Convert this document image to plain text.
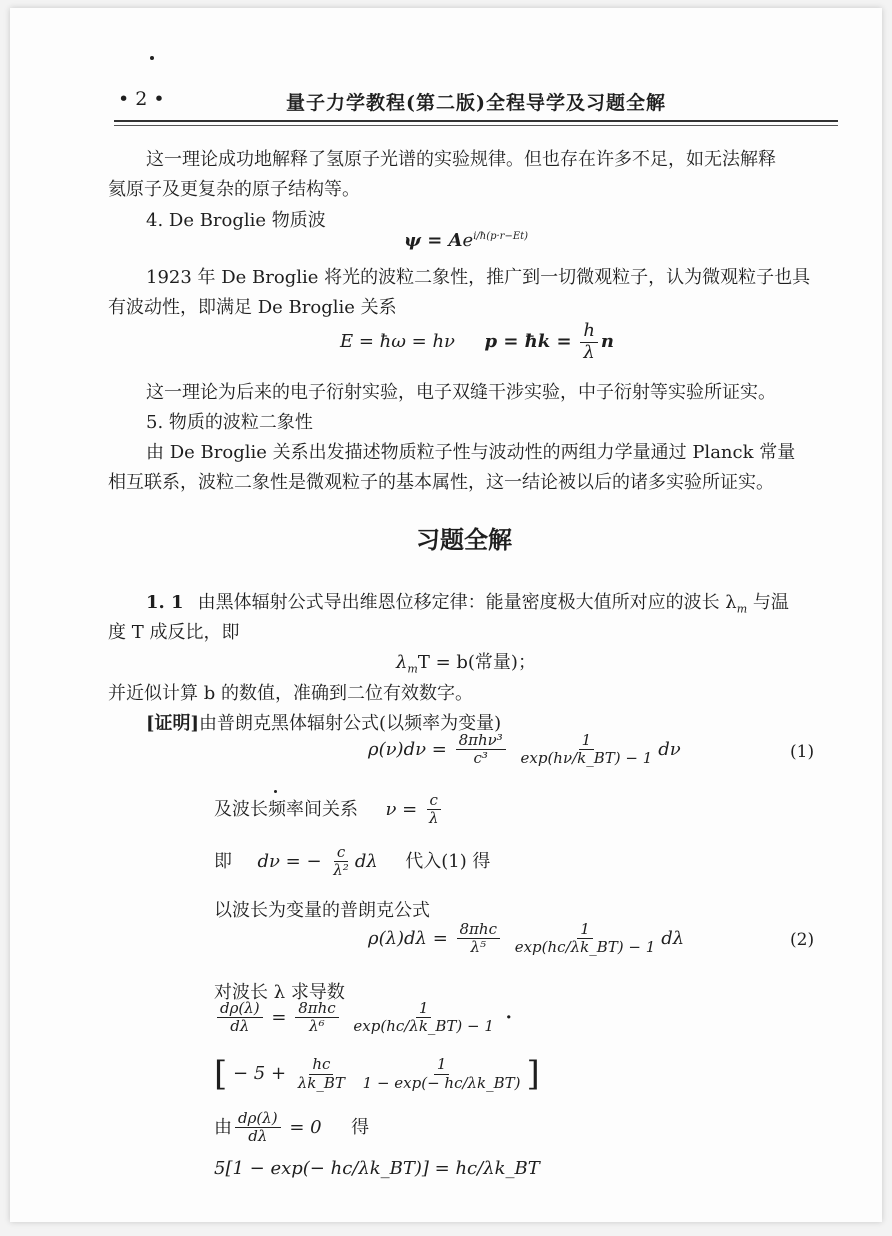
• 2 •	量子力学教程(第二版)全程导学及习题全解
这一理论成功地解释了氢原子光谱的实验规律。但也存在许多不足，如无法解释
氦原子及更复杂的原子结构等。
4. De Broglie 物质波
$\psi = Ae^{i/ħ(p\cdot r-Et)}$
1923 年 De Broglie 将光的波粒二象性，推广到一切微观粒子，认为微观粒子也具
有波动性，即满足 De Broglie 关系
E = ħω = hν p = ħk = $\frac{h}{\lambda}$ n
这一理论为后来的电子衍射实验，电子双缝干涉实验，中子衍射等实验所证实。
5. 物质的波粒二象性
由 De Broglie 关系出发描述物质粒子性与波动性的两组力学量通过 Planck 常量
相互联系，波粒二象性是微观粒子的基本属性，这一结论被以后的诸多实验所证实。
习题全解
1. 1 由黑体辐射公式导出维恩位移定律：能量密度极大值所对应的波长 $\lambda_m$ 与温
度 T 成反比，即
$\lambda_mT = b$(常量)；
并近似计算 b 的数值，准确到二位有效数字。
[证明]由普朗克黑体辐射公式(以频率为变量)
$\rho(\nu)d\nu = \frac{\text{8πhν³}}{\text{c³}}$
$\frac{1}{\exp(h\nu/k\_BT) - 1}$ dν	(1)
及波长频率间关系 $\nu = \frac{c}{\lambda}$
即 dν = − $\frac{c}{\text{λ²}}$ dλ 代入(1) 得
以波长为变量的普朗克公式
$\rho(\lambda)d\lambda = \frac{\text{8πhc}}{\text{λ⁵}}$
$\frac{1}{\exp(hc/\lambda k\_BT) - 1}$ dλ	(2)
对波长 λ 求导数
$\frac{d\rho(\lambda)}{d\lambda} = \frac{\text{8πhc}}{\text{λ⁶}}$
$\frac{1}{\exp(hc/\lambda k\_BT) - 1}$ ·
[ − $5 + \frac{hc}{\lambda k\_BT}$
$\frac{1}{1 - \exp(- hc/\lambda k\_BT)}$ ]
由 $\frac{d\rho(\lambda)}{d\lambda} = 0$ 得
5[1 − exp(− hc/λk_BT)] = hc/λk_BT
